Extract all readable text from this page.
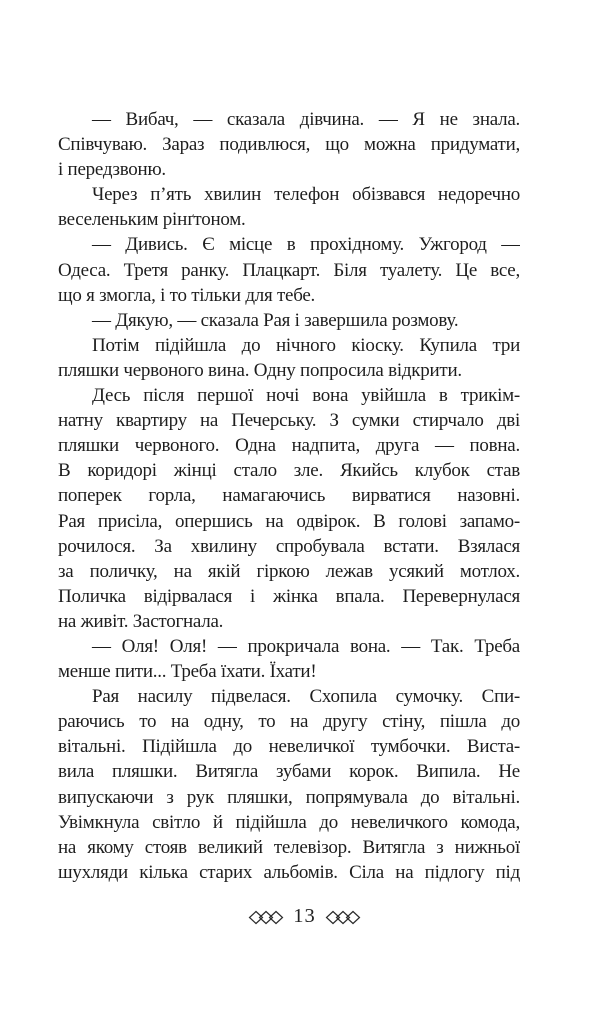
— Вибач, — сказала дівчина. — Я не знала.
Співчуваю. Зараз подивлюся, що можна придумати,
і передзвоню.
Через п’ять хвилин телефон обізвався недоречно
веселеньким рінґтоном.
— Дивись. Є місце в прохідному. Ужгород —
Одеса. Третя ранку. Плацкарт. Біля туалету. Це все,
що я змогла, і то тільки для тебе.
— Дякую, — сказала Рая і завершила розмову.
Потім підійшла до нічного кіоску. Купила три
пляшки червоного вина. Одну попросила відкрити.
Десь після першої ночі вона увійшла в трикім-
натну квартиру на Печерську. З сумки стирчало дві
пляшки червоного. Одна надпита, друга — повна.
В коридорі жінці стало зле. Якийсь клубок став
поперек горла, намагаючись вирватися назовні.
Рая присіла, опершись на одвірок. В голові запамо-
рочилося. За хвилину спробувала встати. Взялася
за поличку, на якій гіркою лежав усякий мотлох.
Поличка відірвалася і жінка впала. Перевернулася
на живіт. Застогнала.
— Оля! Оля! — прокричала вона. — Так. Треба
менше пити... Треба їхати. Їхати!
Рая насилу підвелася. Схопила сумочку. Спи-
раючись то на одну, то на другу стіну, пішла до
вітальні. Підійшла до невеличкої тумбочки. Виста-
вила пляшки. Витягла зубами корок. Випила. Не
випускаючи з рук пляшки, попрямувала до вітальні.
Увімкнула світло й підійшла до невеличкого комода,
на якому стояв великий телевізор. Витягла з нижньої
шухляди кілька старих альбомів. Сіла на підлогу під
13
